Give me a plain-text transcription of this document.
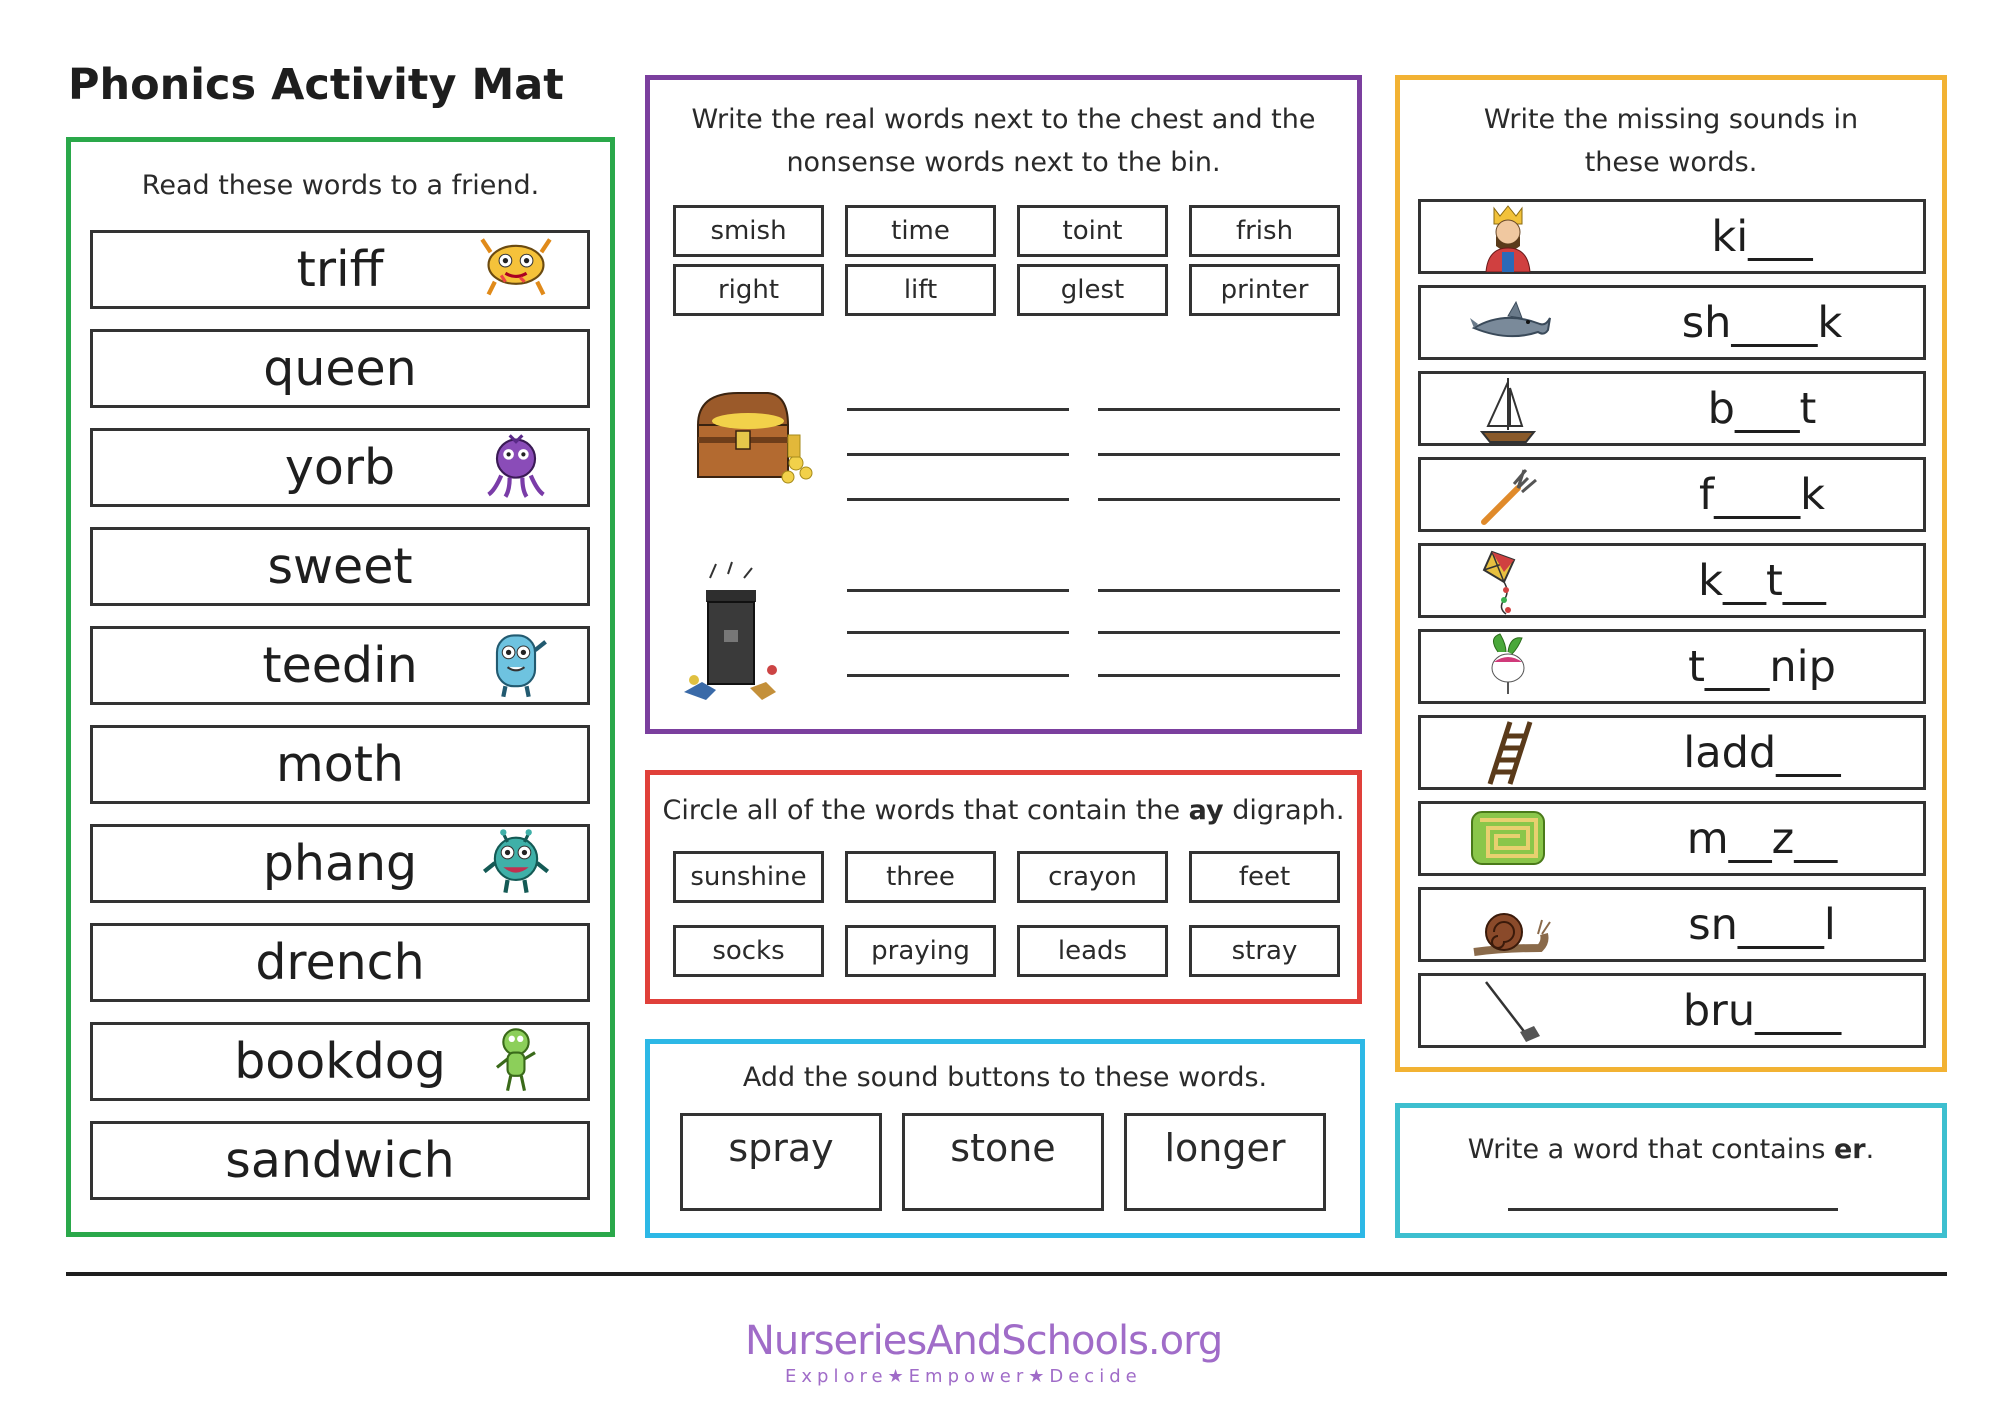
Phonics Activity Mat
Read these words to a friend.
triff
queen
yorb
sweet
teedin
moth
phang
drench
bookdog
sandwich
Write the real words next to the chest and the
nonsense words next to the bin.
smish	time	toint	frish
right	lift	glest	printer
Circle all of the words that contain the ay digraph.
sunshine	three	crayon	feet
socks	praying	leads	stray
Add the sound buttons to these words.
spray	stone	longer
Write the missing sounds in
these words.
ki___
sh____k
b___t
f____k
k__t__
t___nip
ladd___
m__z__
sn____l
bru____
Write a word that contains er.
NurseriesAndSchools.org
Explore★Empower★Decide
